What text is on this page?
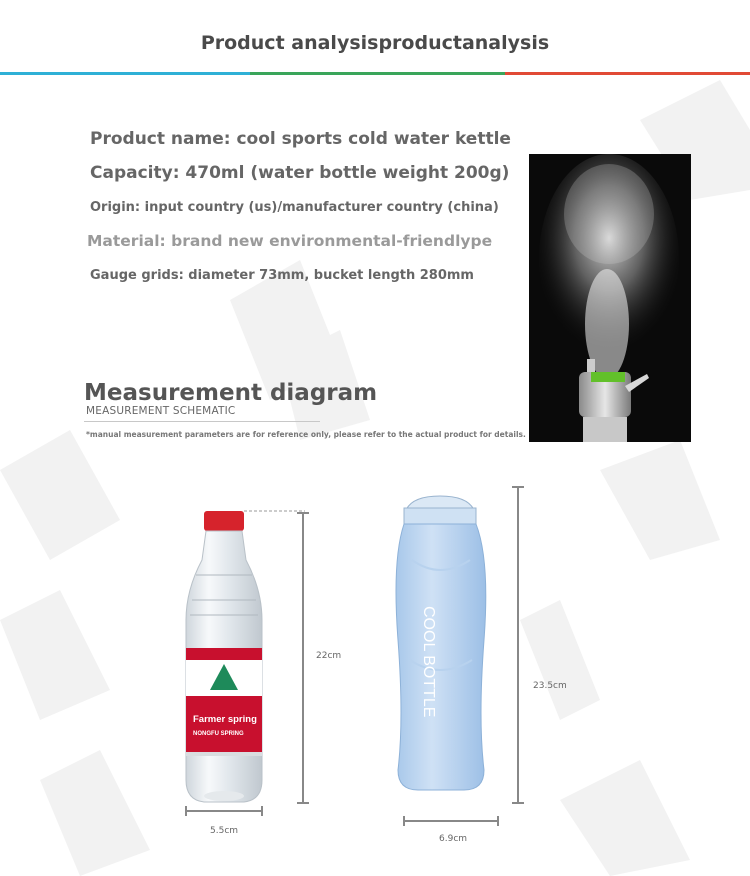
Product analysisproductanalysis
Product name: cool sports cold water kettle
Capacity: 470ml (water bottle weight 200g)
Origin: input country (us)/manufacturer country (china)
Material: brand new environmental-friendlype
Gauge grids: diameter 73mm, bucket length 280mm
Measurement diagram
MEASUREMENT SCHEMATIC
*manual measurement parameters are for reference only, please refer to the actual product for details.
Farmer spring
NONGFU SPRING
COOL BOTTLE
22cm
5.5cm
23.5cm
6.9cm
